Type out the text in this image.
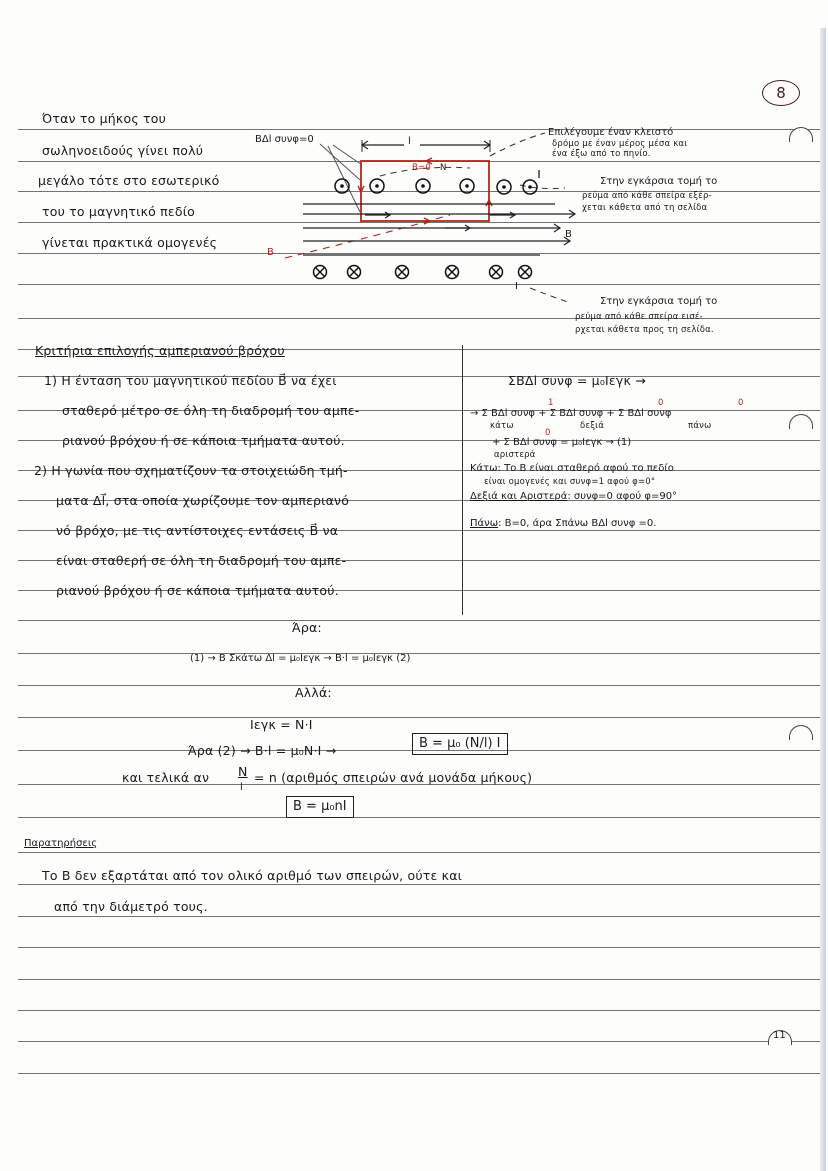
8
Όταν το μήκος του
σωληνοειδούς γίνει πολύ
μεγάλο τότε στο εσωτερικό
του το μαγνητικό πεδίο
γίνεται πρακτικά ομογενές
BΔl συνφ=0	l
B=0 N
B
B
I
Επιλέγουμε έναν κλειστό
δρόμο με έναν μέρος μέσα και
ένα έξω από το πηνίο.
Στην εγκάρσια τομή το
ρεύμα από κάθε σπείρα εξέρ-
χεται κάθετα από τη σελίδα
Στην εγκάρσια τομή το
ρεύμα από κάθε σπείρα εισέ-
ρχεται κάθετα προς τη σελίδα.
Κριτήρια επιλογής αμπεριανού βρόχου
1) Η ένταση του μαγνητικού πεδίου B⃗ να έχει
σταθερό μέτρο σε όλη τη διαδρομή του αμπε-
ριανού βρόχου ή σε κάποια τμήματα αυτού.
2) Η γωνία που σχηματίζουν τα στοιχειώδη τμή-
ματα Δl⃗, στα οποία χωρίζουμε τον αμπεριανό
νό βρόχο, με τις αντίστοιχες εντάσεις B⃗ να
είναι σταθερή σε όλη τη διαδρομή του αμπε-
ριανού βρόχου ή σε κάποια τμήματα αυτού.
ΣBΔl συνφ = μ₀Iεγκ →
→ Σ BΔl συνφ + Σ BΔl συνφ + Σ BΔl συνφ
κάτω	δεξιά	πάνω
1	0	0
+ Σ BΔl συνφ = μ₀Iεγκ → (1)
0
αριστερά
Κάτω: Το B είναι σταθερό αφού το πεδίο
είναι ομογενές και συνφ=1 αφού φ=0°
Δεξιά και Αριστερά: συνφ=0 αφού φ=90°
Πάνω: B=0, άρα Σπάνω BΔl συνφ =0.
Άρα:
(1) → B Σκάτω Δl = μ₀Iεγκ → B·l = μ₀Iεγκ (2)
Αλλά:
Iεγκ = N·I
Άρα (2) → B·l = μ₀N·I →	B = μ₀ (N/l) I
και τελικά αν N
l
= n (αριθμός σπειρών ανά μονάδα μήκους)
B = μ₀nI
Παρατηρήσεις
Το B δεν εξαρτάται από τον ολικό αριθμό των σπειρών, ούτε και
από την διάμετρό τους.
11
